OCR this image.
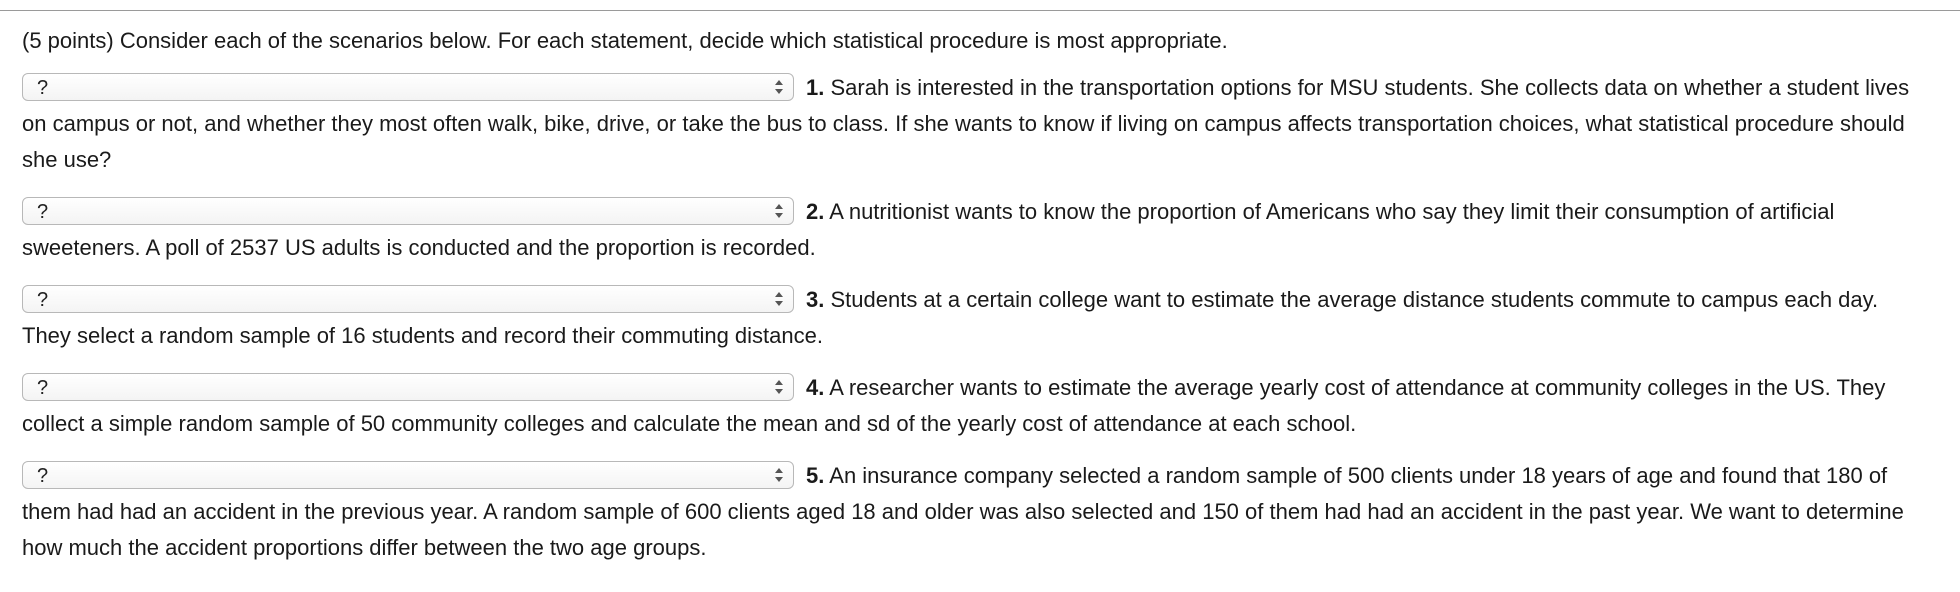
(5 points) Consider each of the scenarios below. For each statement, decide which statistical procedure is most appropriate.

?	1. Sarah is interested in the transportation options for MSU students. She collects data on whether a student lives on campus or not, and whether they most often walk, bike, drive, or take the bus to class. If she wants to know if living on campus affects transportation choices, what statistical procedure should she use?
?	2. A nutritionist wants to know the proportion of Americans who say they limit their consumption of artificial sweeteners. A poll of 2537 US adults is conducted and the proportion is recorded.
?	3. Students at a certain college want to estimate the average distance students commute to campus each day. They select a random sample of 16 students and record their commuting distance.
?	4. A researcher wants to estimate the average yearly cost of attendance at community colleges in the US. They collect a simple random sample of 50 community colleges and calculate the mean and sd of the yearly cost of attendance at each school.
?	5. An insurance company selected a random sample of 500 clients under 18 years of age and found that 180 of them had had an accident in the previous year. A random sample of 600 clients aged 18 and older was also selected and 150 of them had had an accident in the past year. We want to determine how much the accident proportions differ between the two age groups.
